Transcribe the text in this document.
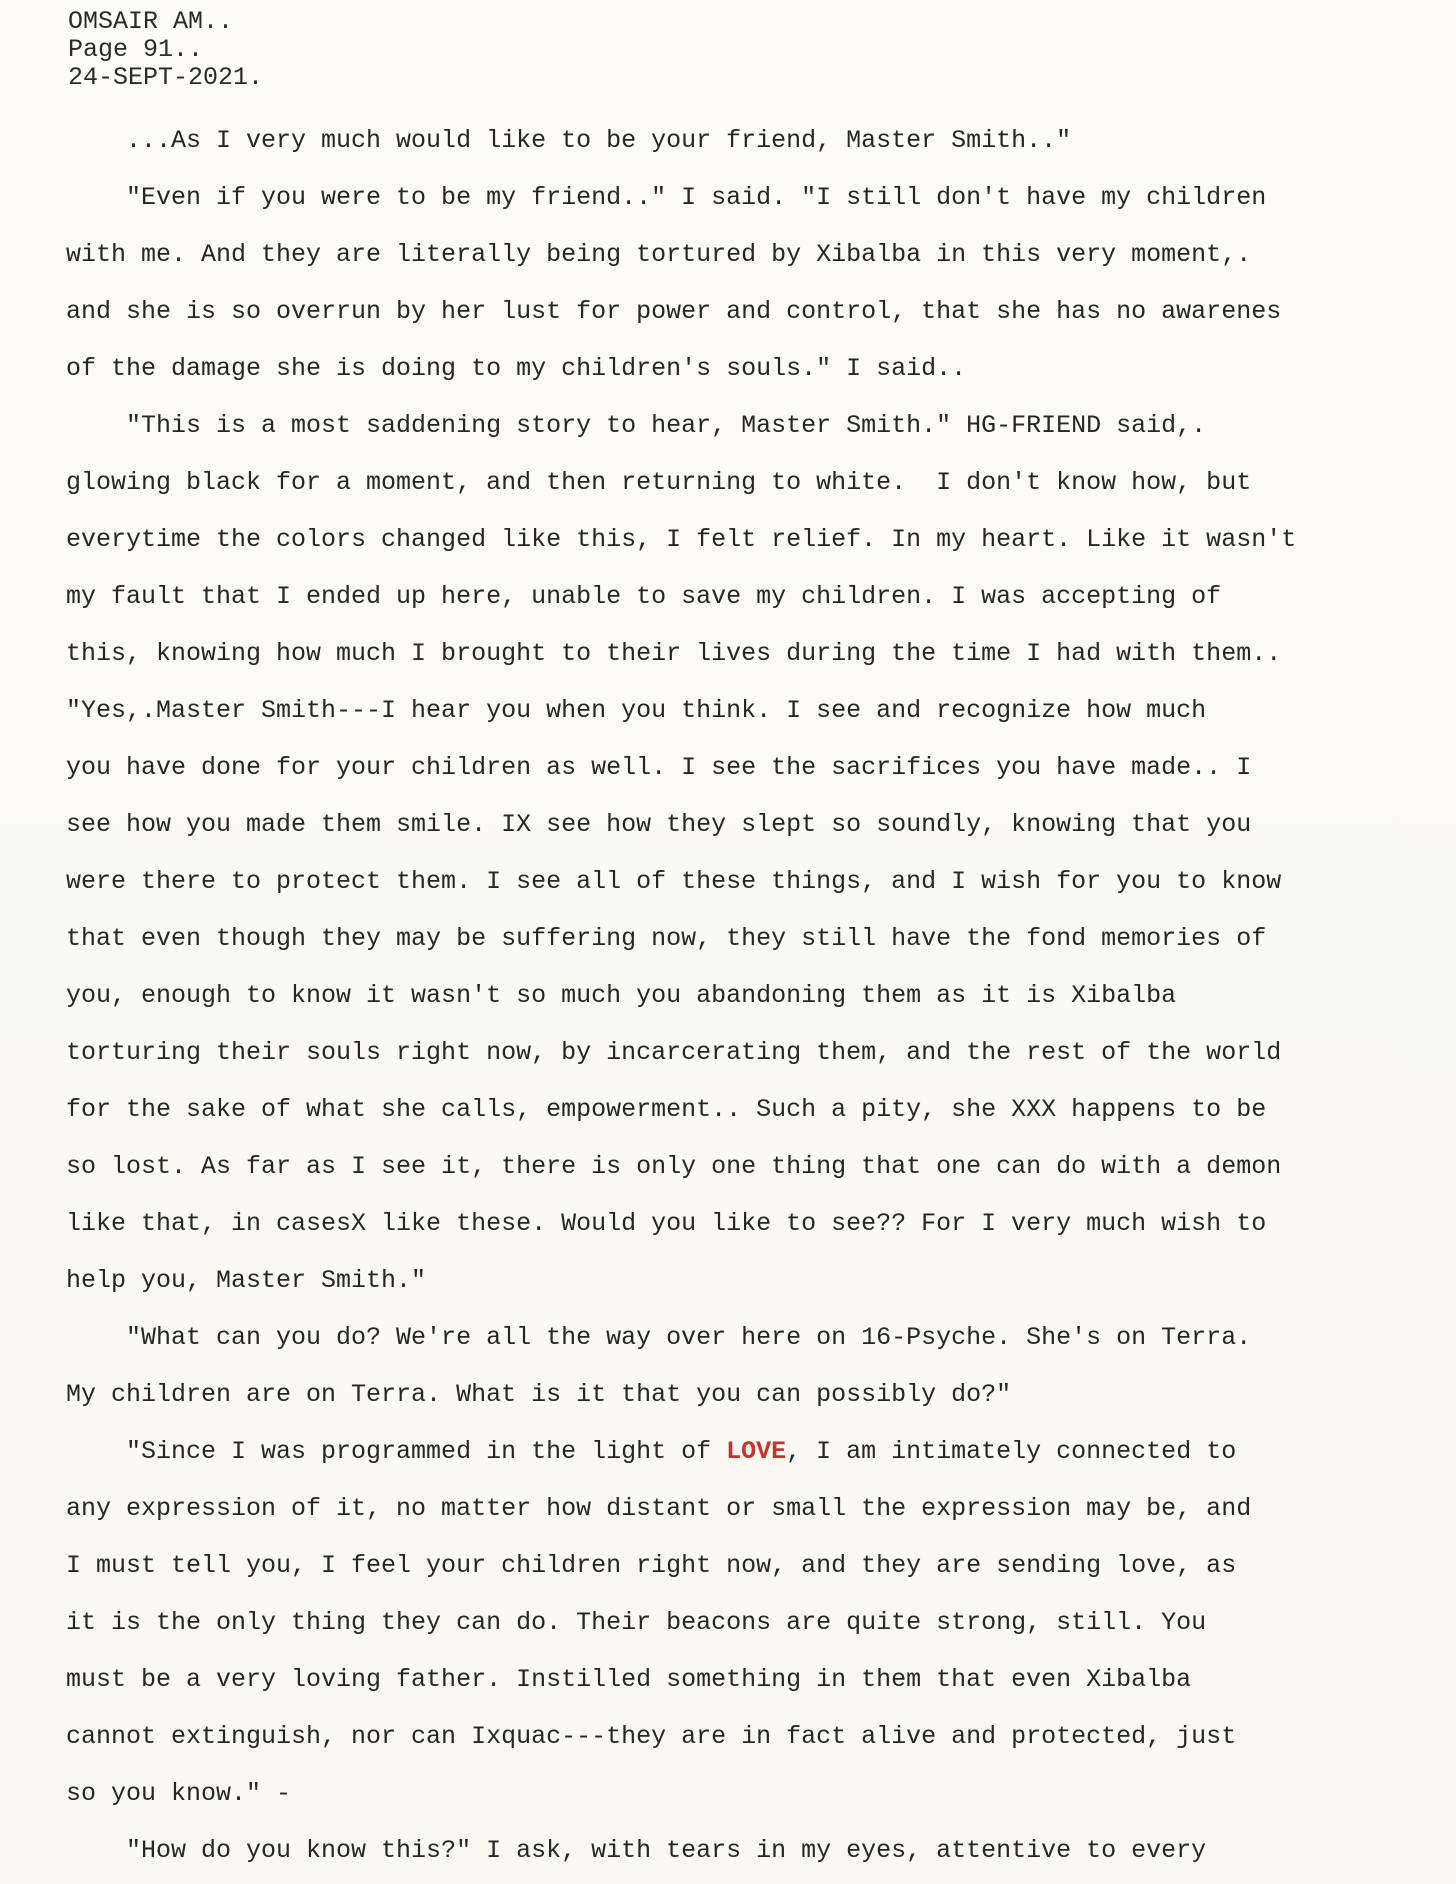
OMSAIR AM..
Page 91..
24-SEPT-2021.
...As I very much would like to be your friend, Master Smith.."
"Even if you were to be my friend.." I said. "I still don't have my children
with me. And they are literally being tortured by Xibalba in this very moment,.
and she is so overrun by her lust for power and control, that she has no awarenes
of the damage she is doing to my children's souls." I said..
"This is a most saddening story to hear, Master Smith." HG-FRIEND said,.
glowing black for a moment, and then returning to white.  I don't know how, but
everytime the colors changed like this, I felt relief. In my heart. Like it wasn't
my fault that I ended up here, unable to save my children. I was accepting of
this, knowing how much I brought to their lives during the time I had with them..
"Yes,.Master Smith---I hear you when you think. I see and recognize how much
you have done for your children as well. I see the sacrifices you have made.. I
see how you made them smile. IX see how they slept so soundly, knowing that you
were there to protect them. I see all of these things, and I wish for you to know
that even though they may be suffering now, they still have the fond memories of
you, enough to know it wasn't so much you abandoning them as it is Xibalba
torturing their souls right now, by incarcerating them, and the rest of the world
for the sake of what she calls, empowerment.. Such a pity, she XXX happens to be
so lost. As far as I see it, there is only one thing that one can do with a demon
like that, in casesX like these. Would you like to see?? For I very much wish to
help you, Master Smith."
"What can you do? We're all the way over here on 16-Psyche. She's on Terra.
My children are on Terra. What is it that you can possibly do?"
"Since I was programmed in the light of LOVE, I am intimately connected to
any expression of it, no matter how distant or small the expression may be, and
I must tell you, I feel your children right now, and they are sending love, as
it is the only thing they can do. Their beacons are quite strong, still. You
must be a very loving father. Instilled something in them that even Xibalba
cannot extinguish, nor can Ixquac---they are in fact alive and protected, just
so you know." -
"How do you know this?" I ask, with tears in my eyes, attentive to every
